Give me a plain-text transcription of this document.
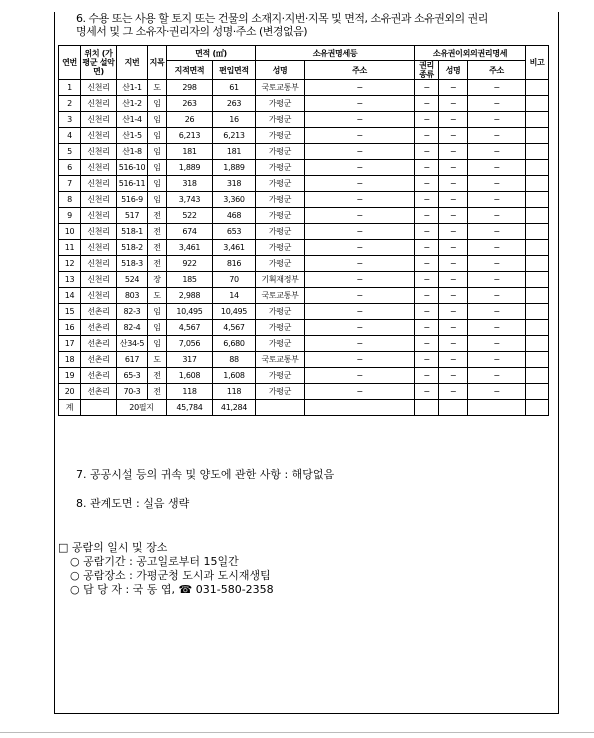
6. 수용 또는 사용 할 토지 또는 건물의 소재지·지번·지목 및 면적, 소유권과 소유권외의 권리
명세서 및 그 소유자·권리자의 성명·주소 (변경없음)
연번	위치 (가평군 설악면)	지번	지목	면적 (㎡)		소유권명세등		소유권이외의권리명세			비고
				지적면적	편입면적	성명	주소	권리 종류	성명	주소	
1	신천리	산1-1	도	298	61	국토교통부	−	−	−	−	
2	신천리	산1-2	임	263	263	가평군	−	−	−	−	
3	신천리	산1-4	임	26	16	가평군	−	−	−	−	
4	신천리	산1-5	임	6,213	6,213	가평군	−	−	−	−	
5	신천리	산1-8	임	181	181	가평군	−	−	−	−	
6	신천리	516-10	임	1,889	1,889	가평군	−	−	−	−	
7	신천리	516-11	임	318	318	가평군	−	−	−	−	
8	신천리	516-9	임	3,743	3,360	가평군	−	−	−	−	
9	신천리	517	전	522	468	가평군	−	−	−	−	
10	신천리	518-1	전	674	653	가평군	−	−	−	−	
11	신천리	518-2	전	3,461	3,461	가평군	−	−	−	−	
12	신천리	518-3	전	922	816	가평군	−	−	−	−	
13	신천리	524	장	185	70	기획재정부	−	−	−	−	
14	신천리	803	도	2,988	14	국토교통부	−	−	−	−	
15	선촌리	82-3	임	10,495	10,495	가평군	−	−	−	−	
16	선촌리	82-4	임	4,567	4,567	가평군	−	−	−	−	
17	선촌리	산34-5	임	7,056	6,680	가평군	−	−	−	−	
18	선촌리	617	도	317	88	국토교통부	−	−	−	−	
19	선촌리	65-3	전	1,608	1,608	가평군	−	−	−	−	
20	선촌리	70-3	전	118	118	가평군	−	−	−	−	
계		20필지		45,784	41,284						
7. 공공시설 등의 귀속 및 양도에 관한 사항 : 해당없음
8. 관계도면 : 실음 생략
□ 공람의 일시 및 장소
○ 공람기간 : 공고일로부터 15일간
○ 공람장소 : 가평군청 도시과 도시재생팀
○ 담 당 자 : 국 동 엽, ☎ 031-580-2358
